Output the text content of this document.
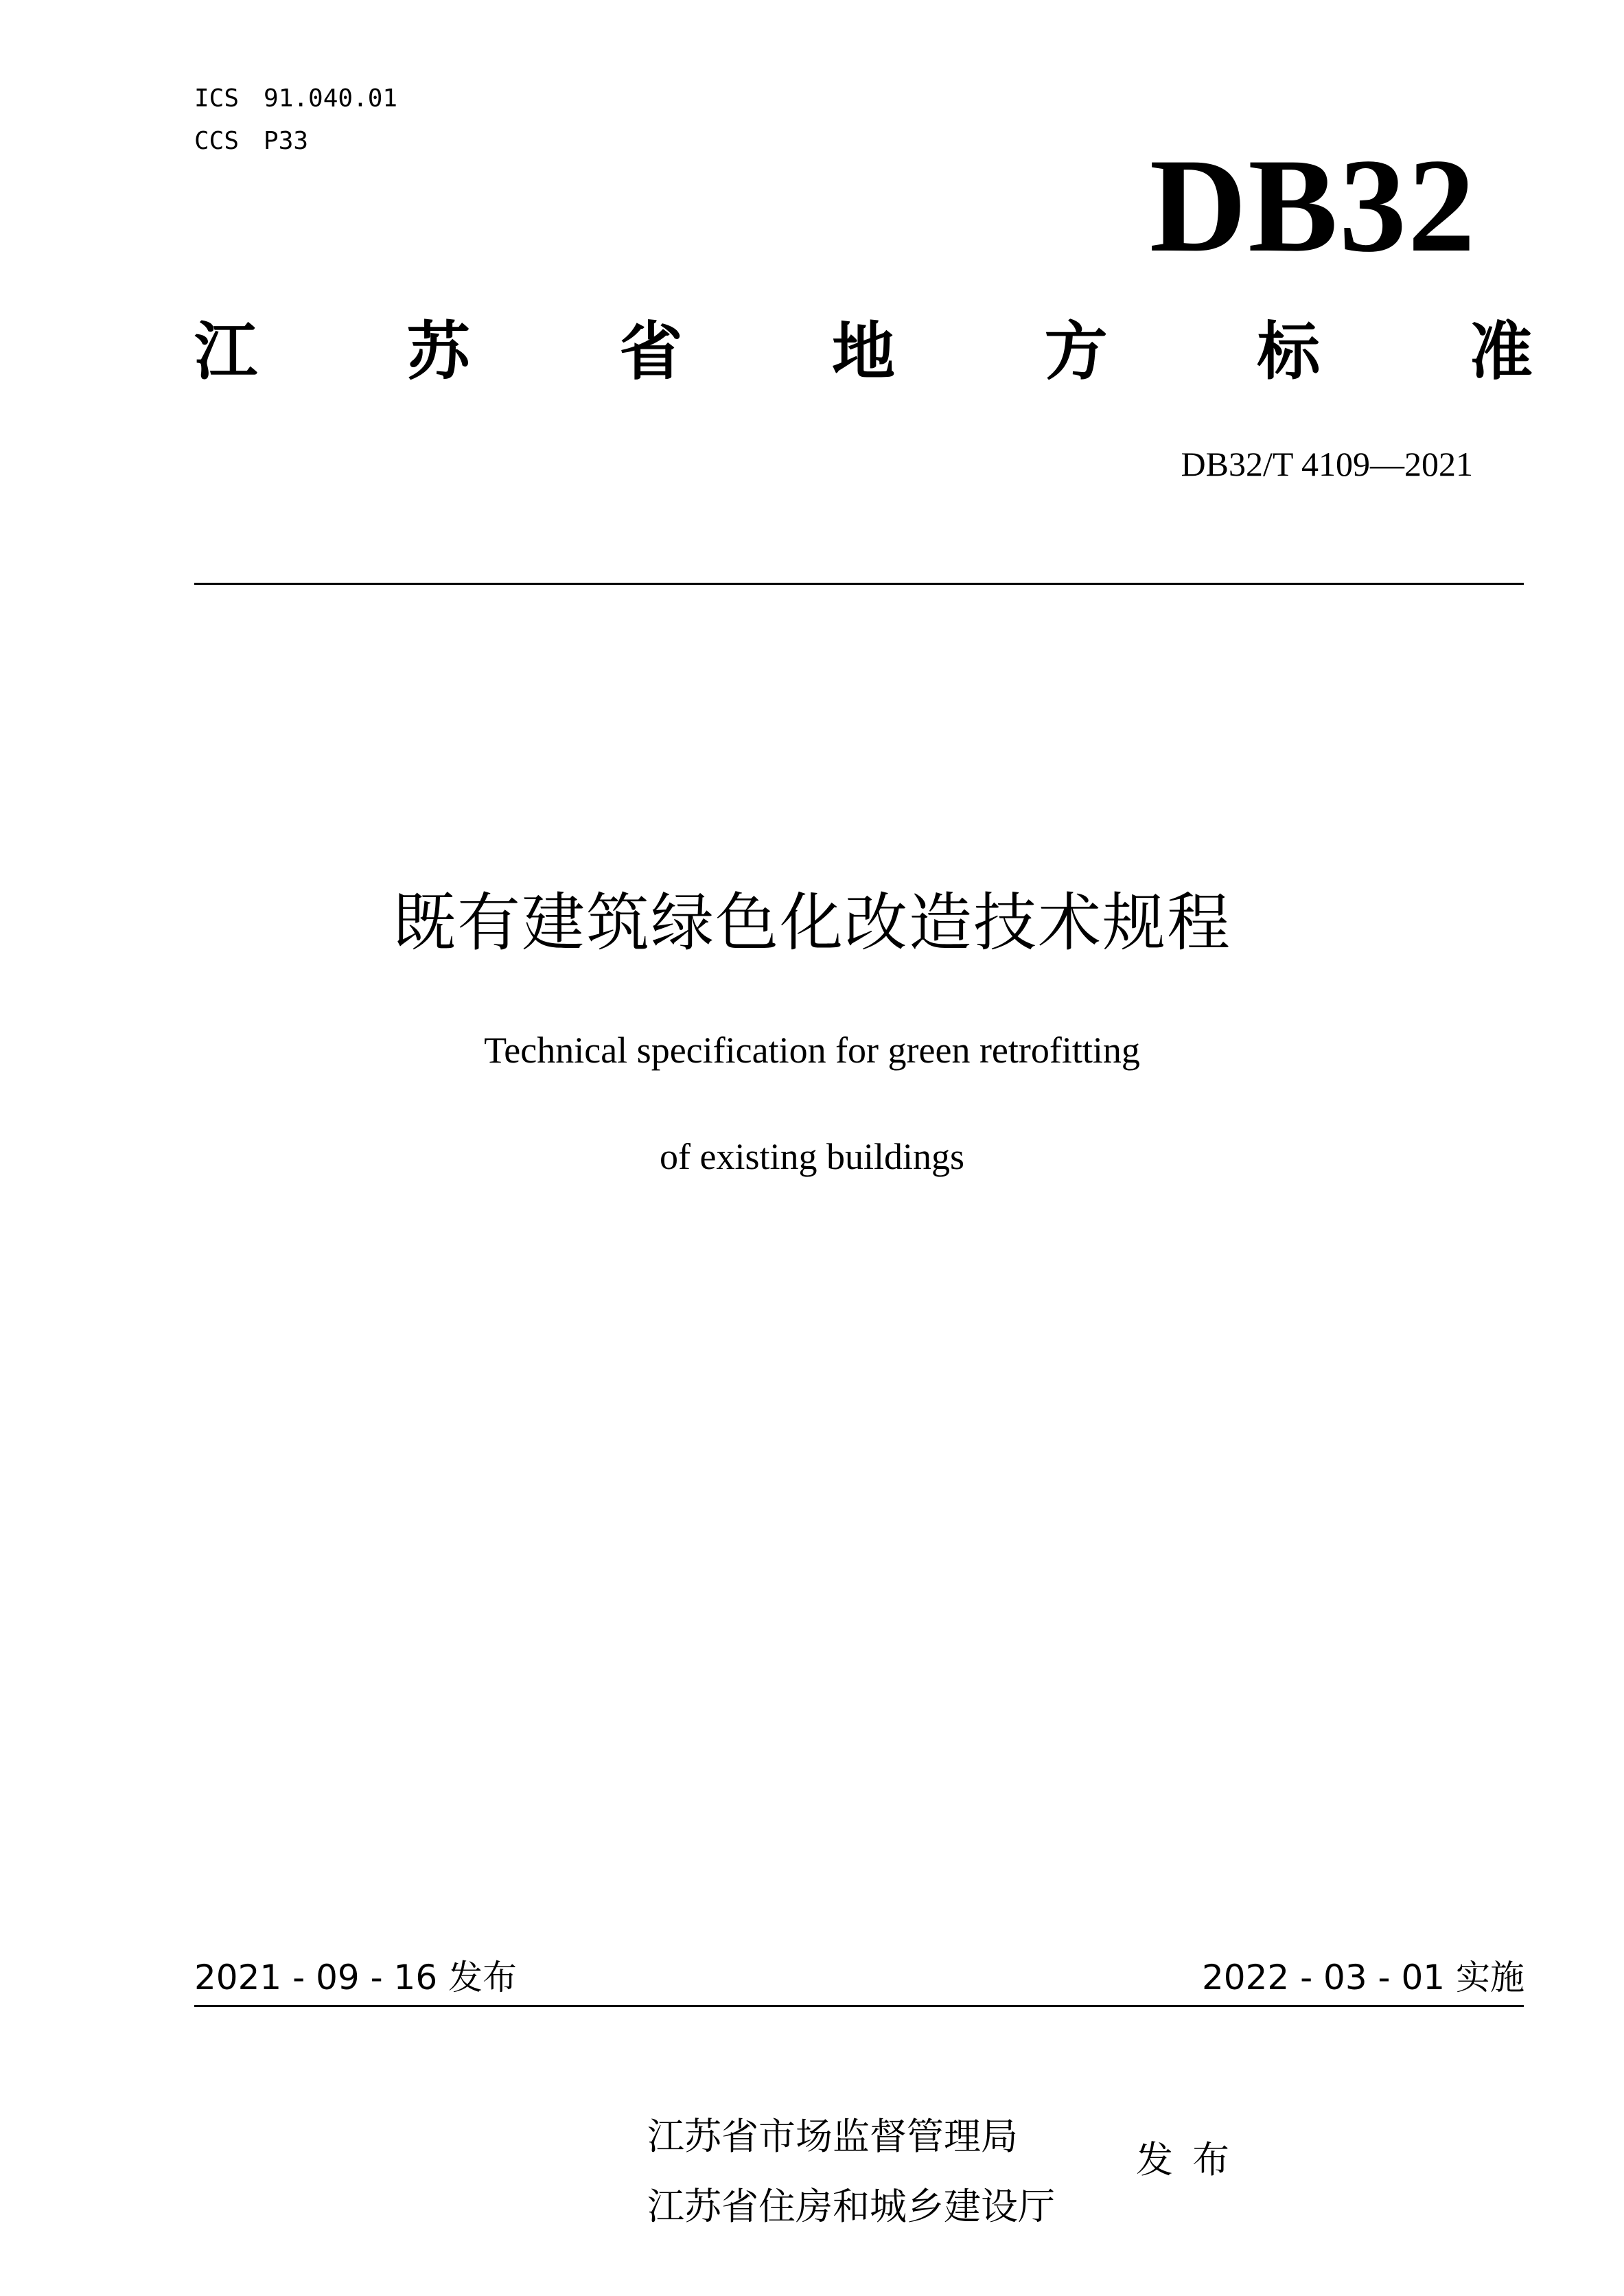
ICS 91.040.01
CCS P33	DB32
江 苏 省 地 方 标 准
DB32/T 4109—2021
既有建筑绿色化改造技术规程
Technical specification for green retrofitting
of existing buildings
2021 - 09 - 16 发布	2022 - 03 - 01 实施
江苏省市场监督管理局
江苏省住房和城乡建设厅
发布
